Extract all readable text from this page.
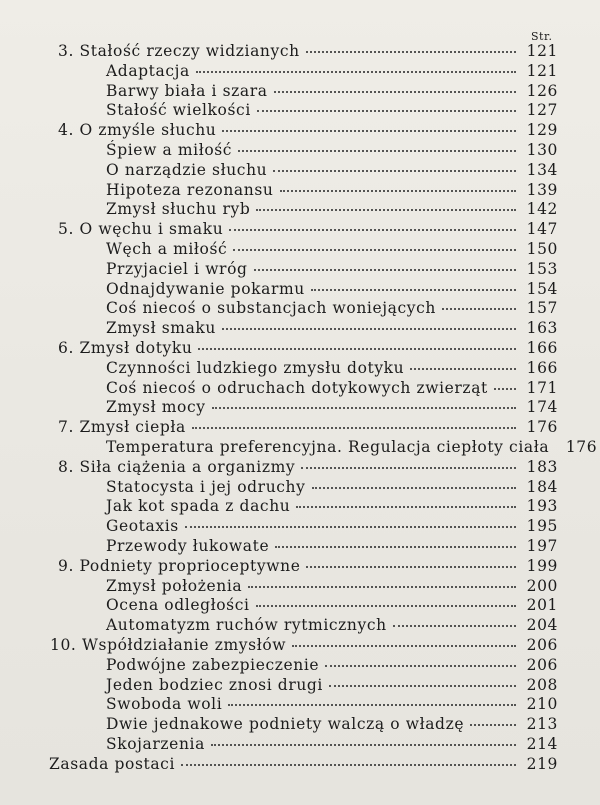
Str.
3. Stałość rzeczy widzianych	121
Adaptacja	121
Barwy biała i szara	126
Stałość wielkości	127
4. O zmyśle słuchu	129
Śpiew a miłość	130
O narządzie słuchu	134
Hipoteza rezonansu	139
Zmysł słuchu ryb	142
5. O węchu i smaku	147
Węch a miłość	150
Przyjaciel i wróg	153
Odnajdywanie pokarmu	154
Coś niecoś o substancjach woniejących	157
Zmysł smaku	163
6. Zmysł dotyku	166
Czynności ludzkiego zmysłu dotyku	166
Coś niecoś o odruchach dotykowych zwierząt 171
Zmysł mocy	174
7. Zmysł ciepła	176
Temperatura preferencyjna. Regulacja ciepłoty ciała 176
8. Siła ciążenia a organizmy	183
Statocysta i jej odruchy	184
Jak kot spada z dachu	193
Geotaxis	195
Przewody łukowate	197
9. Podniety proprioceptywne	199
Zmysł położenia	200
Ocena odległości	201
Automatyzm ruchów rytmicznych	204
10. Współdziałanie zmysłów	206
Podwójne zabezpieczenie	206
Jeden bodziec znosi drugi	208
Swoboda woli	210
Dwie jednakowe podniety walczą o władzę	213
Skojarzenia	214
Zasada postaci	219
